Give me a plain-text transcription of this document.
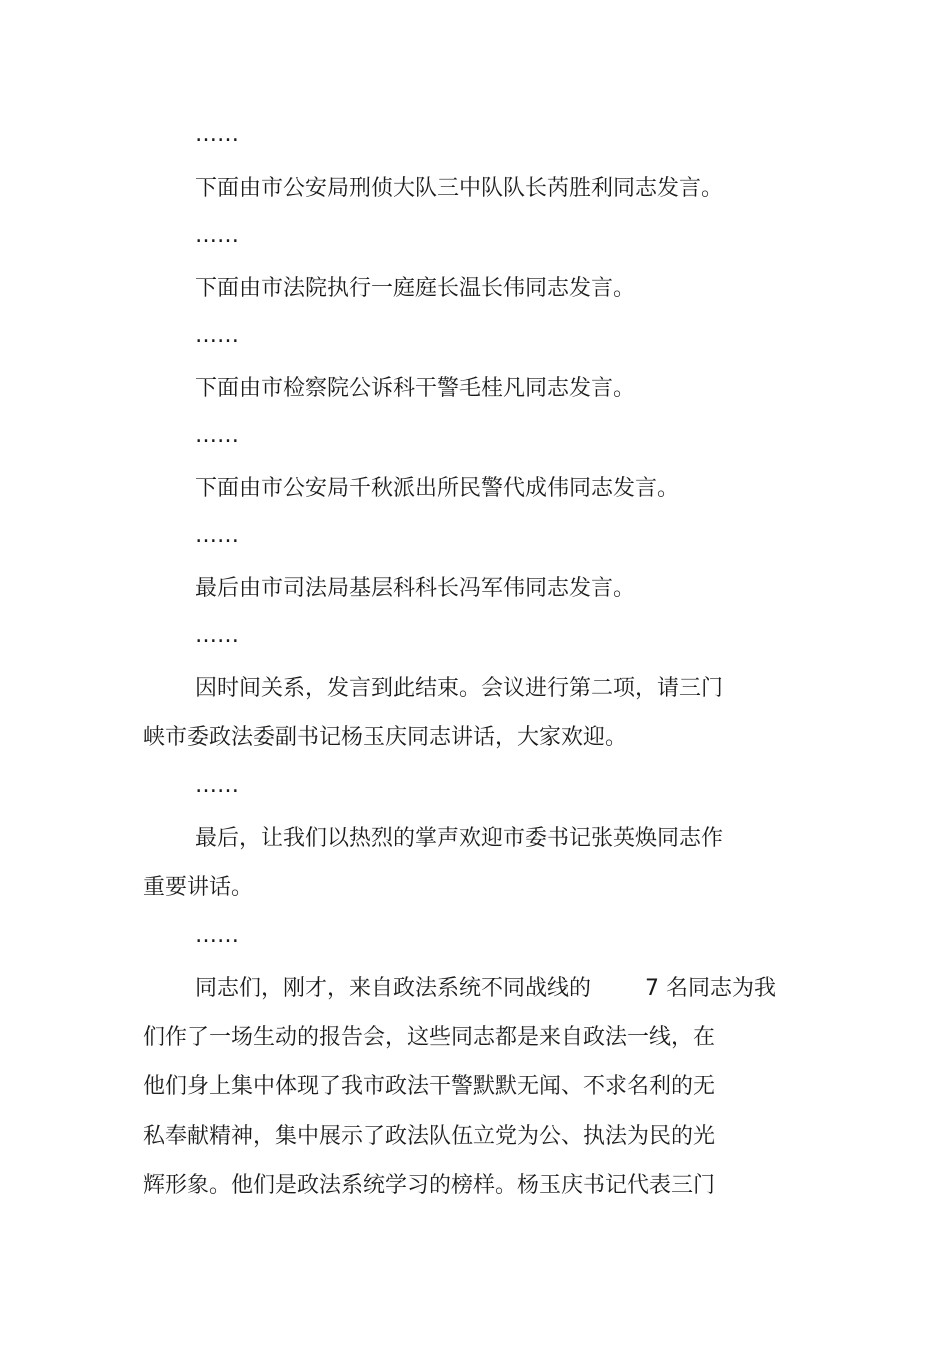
……
下面由市公安局刑侦大队三中队队长芮胜利同志发言。
……
下面由市法院执行一庭庭长温长伟同志发言。
……
下面由市检察院公诉科干警毛桂凡同志发言。
……
下面由市公安局千秋派出所民警代成伟同志发言。
……
最后由市司法局基层科科长冯军伟同志发言。
……
因时间关系，发言到此结束。会议进行第二项，请三门
峡市委政法委副书记杨玉庆同志讲话，大家欢迎。
……
最后，让我们以热烈的掌声欢迎市委书记张英焕同志作
重要讲话。
……
同志们，刚才，来自政法系统不同战线的 7 名同志为我
们作了一场生动的报告会，这些同志都是来自政法一线，在
他们身上集中体现了我市政法干警默默无闻、不求名利的无
私奉献精神，集中展示了政法队伍立党为公、执法为民的光
辉形象。他们是政法系统学习的榜样。杨玉庆书记代表三门
